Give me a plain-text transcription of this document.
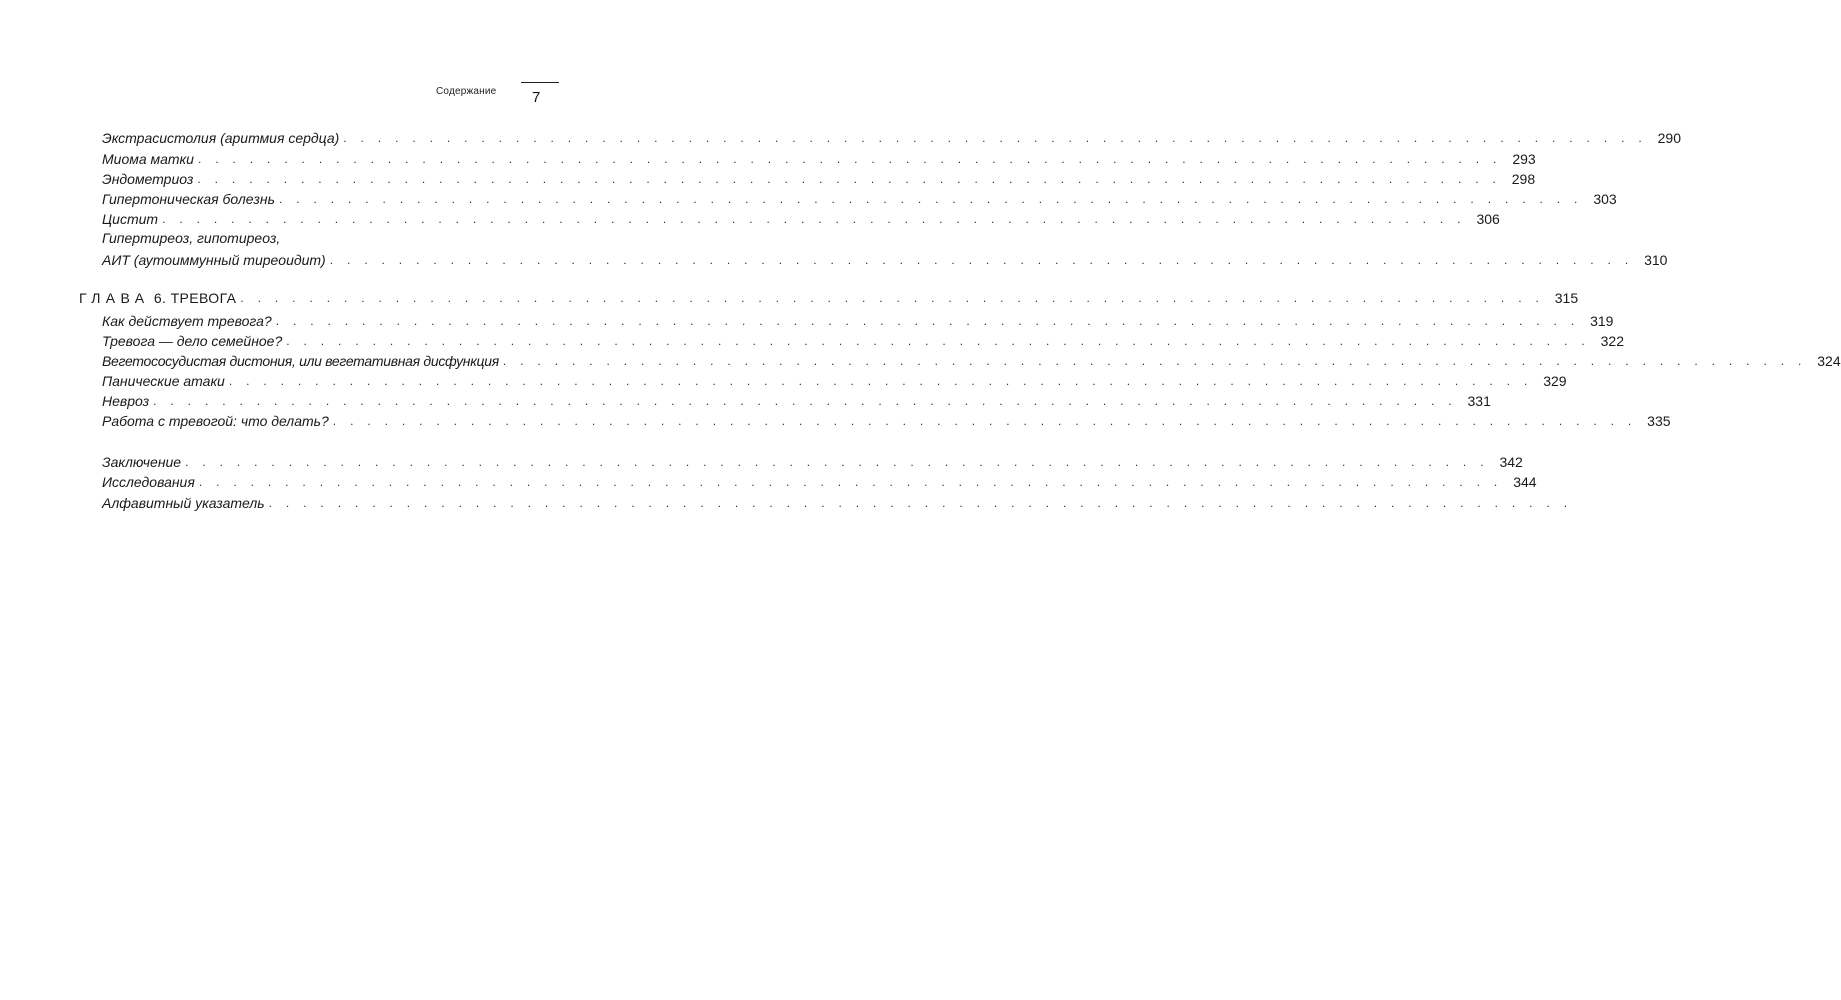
Содержание 7
Экстрасистолия (аритмия сердца) . . . . . . . . . . . . . . . . . . . . . . . . . . . . . . . . . . . . . . . . . . . . . . . . . . . . . . . . . . . . . . . . . . . . . . . . . . . . 290
Миома матки . . . . . . . . . . . . . . . . . . . . . . . . . . . . . . . . . . . . . . . . . . . . . . . . . . . . . . . . . . . . . . . . . . . . . . . . . . . . 293
Эндометриоз . . . . . . . . . . . . . . . . . . . . . . . . . . . . . . . . . . . . . . . . . . . . . . . . . . . . . . . . . . . . . . . . . . . . . . . . . . . . 298
Гипертоническая болезнь . . . . . . . . . . . . . . . . . . . . . . . . . . . . . . . . . . . . . . . . . . . . . . . . . . . . . . . . . . . . . . . . . . . . . . . . . . . . 303
Цистит . . . . . . . . . . . . . . . . . . . . . . . . . . . . . . . . . . . . . . . . . . . . . . . . . . . . . . . . . . . . . . . . . . . . . . . . . . . . 306
Гипертиреоз, гипотиреоз,
АИТ (аутоиммунный тиреоидит) . . . . . . . . . . . . . . . . . . . . . . . . . . . . . . . . . . . . . . . . . . . . . . . . . . . . . . . . . . . . . . . . . . . . . . . . . . . . 310
ГЛАВА 6. ТРЕВОГА . . . . . . . . . . . . . . . . . . . . . . . . . . . . . . . . . . . . . . . . . . . . . . . . . . . . . . . . . . . . . . . . . . . . . . . . . . . . 315
Как действует тревога? . . . . . . . . . . . . . . . . . . . . . . . . . . . . . . . . . . . . . . . . . . . . . . . . . . . . . . . . . . . . . . . . . . . . . . . . . . . . 319
Тревога — дело семейное? . . . . . . . . . . . . . . . . . . . . . . . . . . . . . . . . . . . . . . . . . . . . . . . . . . . . . . . . . . . . . . . . . . . . . . . . . . . . 322
Вегетососудистая дистония, или вегетативная дисфункция . . . . . . . . . . . . . . . . . . . . . . . . . . . . . . . . . . . . . . . . . . . . . . . . . . . . . . . . . . . . . . . . . . . . . . . . . . . . 324
Панические атаки . . . . . . . . . . . . . . . . . . . . . . . . . . . . . . . . . . . . . . . . . . . . . . . . . . . . . . . . . . . . . . . . . . . . . . . . . . . . 329
Невроз . . . . . . . . . . . . . . . . . . . . . . . . . . . . . . . . . . . . . . . . . . . . . . . . . . . . . . . . . . . . . . . . . . . . . . . . . . . . 331
Работа с тревогой: что делать? . . . . . . . . . . . . . . . . . . . . . . . . . . . . . . . . . . . . . . . . . . . . . . . . . . . . . . . . . . . . . . . . . . . . . . . . . . . . 335
Заключение . . . . . . . . . . . . . . . . . . . . . . . . . . . . . . . . . . . . . . . . . . . . . . . . . . . . . . . . . . . . . . . . . . . . . . . . . . . . 342
Исследования . . . . . . . . . . . . . . . . . . . . . . . . . . . . . . . . . . . . . . . . . . . . . . . . . . . . . . . . . . . . . . . . . . . . . . . . . . . . 344
Алфавитный указатель . . . . . . . . . . . . . . . . . . . . . . . . . . . . . . . . . . . . . . . . . . . . . . . . . . . . . . . . . . . . . . . . . . . . . . . . . . . .
